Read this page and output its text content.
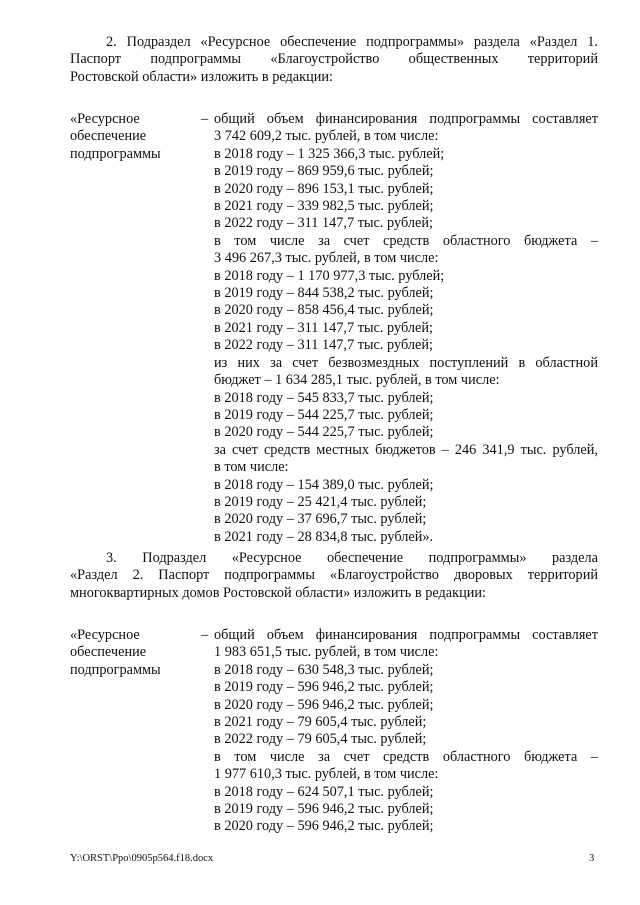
2. Подраздел «Ресурсное обеспечение подпрограммы» раздела «Раздел 1.
Паспорт подпрограммы «Благоустройство общественных территорий
Ростовской области» изложить в редакции:
«Ресурсное
обеспечение
подпрограммы
– общий объем финансирования подпрограммы составляет
3 742 609,2 тыс. рублей, в том числе:
в 2018 году – 1 325 366,3 тыс. рублей;
в 2019 году – 869 959,6 тыс. рублей;
в 2020 году – 896 153,1 тыс. рублей;
в 2021 году – 339 982,5 тыс. рублей;
в 2022 году – 311 147,7 тыс. рублей;
в том числе за счет средств областного бюджета –
3 496 267,3 тыс. рублей, в том числе:
в 2018 году – 1 170 977,3 тыс. рублей;
в 2019 году – 844 538,2 тыс. рублей;
в 2020 году – 858 456,4 тыс. рублей;
в 2021 году – 311 147,7 тыс. рублей;
в 2022 году – 311 147,7 тыс. рублей;
из них за счет безвозмездных поступлений в областной
бюджет – 1 634 285,1 тыс. рублей, в том числе:
в 2018 году – 545 833,7 тыс. рублей;
в 2019 году – 544 225,7 тыс. рублей;
в 2020 году – 544 225,7 тыс. рублей;
за счет средств местных бюджетов – 246 341,9 тыс. рублей,
в том числе:
в 2018 году – 154 389,0 тыс. рублей;
в 2019 году – 25 421,4 тыс. рублей;
в 2020 году – 37 696,7 тыс. рублей;
в 2021 году – 28 834,8 тыс. рублей».
3. Подраздел «Ресурсное обеспечение подпрограммы» раздела
«Раздел 2. Паспорт подпрограммы «Благоустройство дворовых территорий
многоквартирных домов Ростовской области» изложить в редакции:
«Ресурсное
обеспечение
подпрограммы
– общий объем финансирования подпрограммы составляет
1 983 651,5 тыс. рублей, в том числе:
в 2018 году – 630 548,3 тыс. рублей;
в 2019 году – 596 946,2 тыс. рублей;
в 2020 году – 596 946,2 тыс. рублей;
в 2021 году – 79 605,4 тыс. рублей;
в 2022 году – 79 605,4 тыс. рублей;
в том числе за счет средств областного бюджета –
1 977 610,3 тыс. рублей, в том числе:
в 2018 году – 624 507,1 тыс. рублей;
в 2019 году – 596 946,2 тыс. рублей;
в 2020 году – 596 946,2 тыс. рублей;
Y:\ORST\Ppo\0905p564.f18.docx	3
